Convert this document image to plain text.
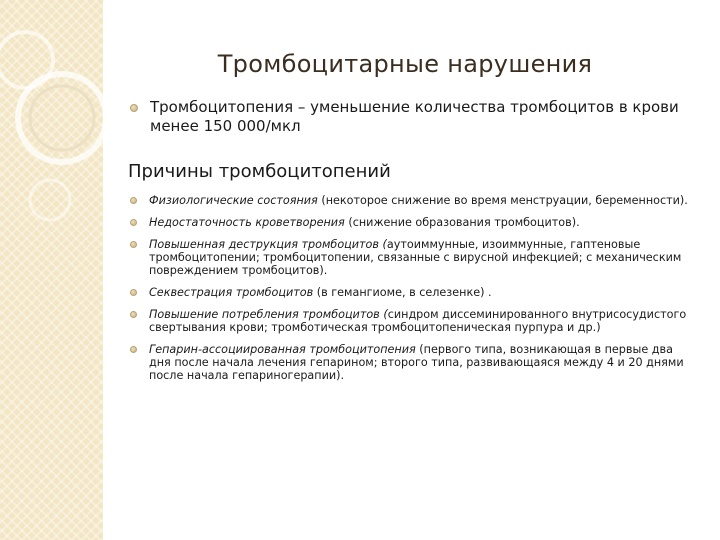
Тромбоцитарные нарушения
Тромбоцитопения – уменьшение количества тромбоцитов в крови менее 150 000/мкл
Причины тромбоцитопений
Физиологические состояния (некоторое снижение во время менструации, беременности).
Недостаточность кроветворения (снижение образования тромбоцитов).
Повышенная деструкция тромбоцитов (аутоиммунные, изоиммунные, гаптеновые тромбоцитопении; тромбоцитопении, связанные с вирусной инфекцией; с механическим повреждением тромбоцитов).
Секвестрация тромбоцитов (в гемангиоме, в селезенке) .
Повышение потребления тромбоцитов (синдром диссеминированного внутрисосудистого свертывания крови; тромботическая тромбоцитопеническая пурпура и др.)
Гепарин-ассоциированная тромбоцитопения (первого типа, возникающая в первые два дня после начала лечения гепарином; второго типа, развивающаяся между 4 и 20 днями после начала гепариногерапии).
